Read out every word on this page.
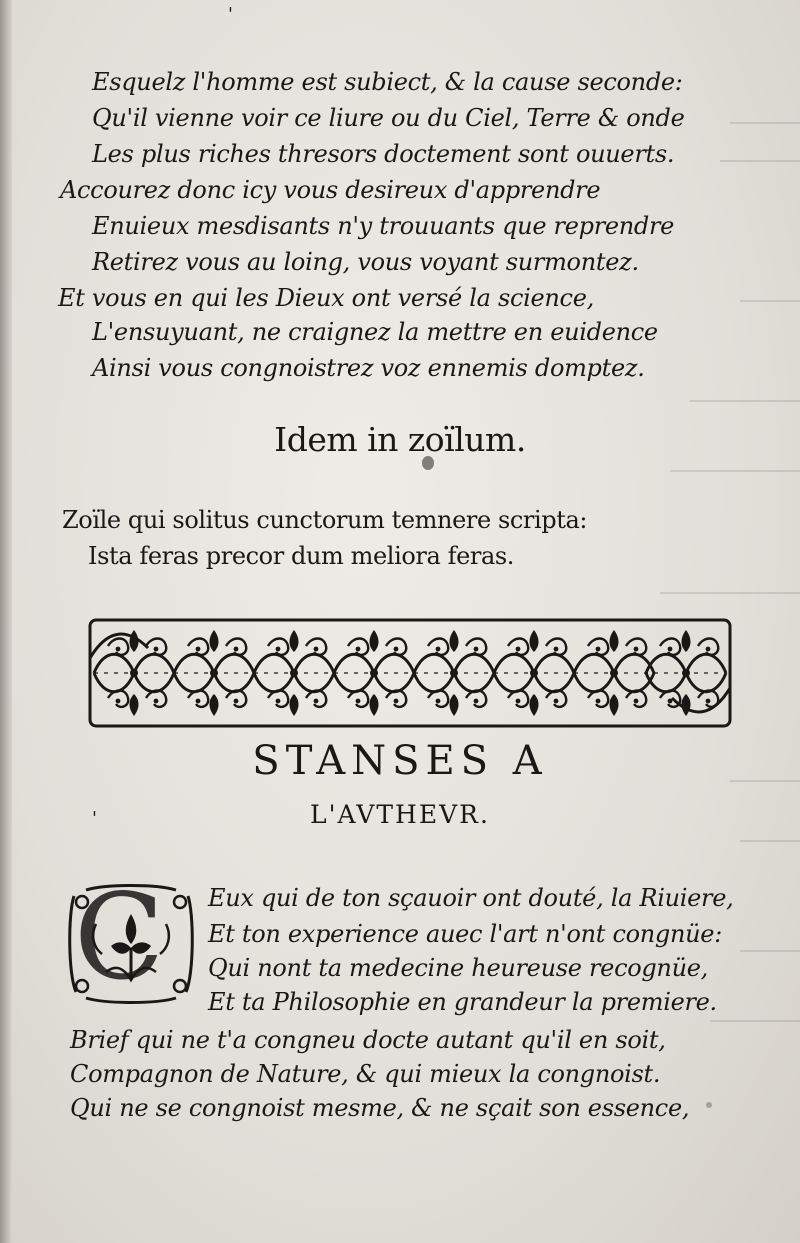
'
'
Esquelz l'homme est subiect, & la cause seconde:
Qu'il vienne voir ce liure ou du Ciel, Terre & onde
Les plus riches thresors doctement sont ouuerts.
Accourez donc icy vous desireux d'apprendre
Enuieux mesdisants n'y trouuants que reprendre
Retirez vous au loing, vous voyant surmontez.
Et vous en qui les Dieux ont versé la science,
L'ensuyuant, ne craignez la mettre en euidence
Ainsi vous congnoistrez voz ennemis domptez.
Idem in zoïlum.
Zoïle qui solitus cunctorum temnere scripta:
Ista feras precor dum meliora feras.
STANSES A
L'AVTHEVR.
C Eux qui de ton sçauoir ont douté, la Riuiere,
Et ton experience auec l'art n'ont congnüe:
Qui nont ta medecine heureuse recognüe,
Et ta Philosophie en grandeur la premiere.
Brief qui ne t'a congneu docte autant qu'il en soit,
Compagnon de Nature, & qui mieux la congnoist.
Qui ne se congnoist mesme, & ne sçait son essence,
